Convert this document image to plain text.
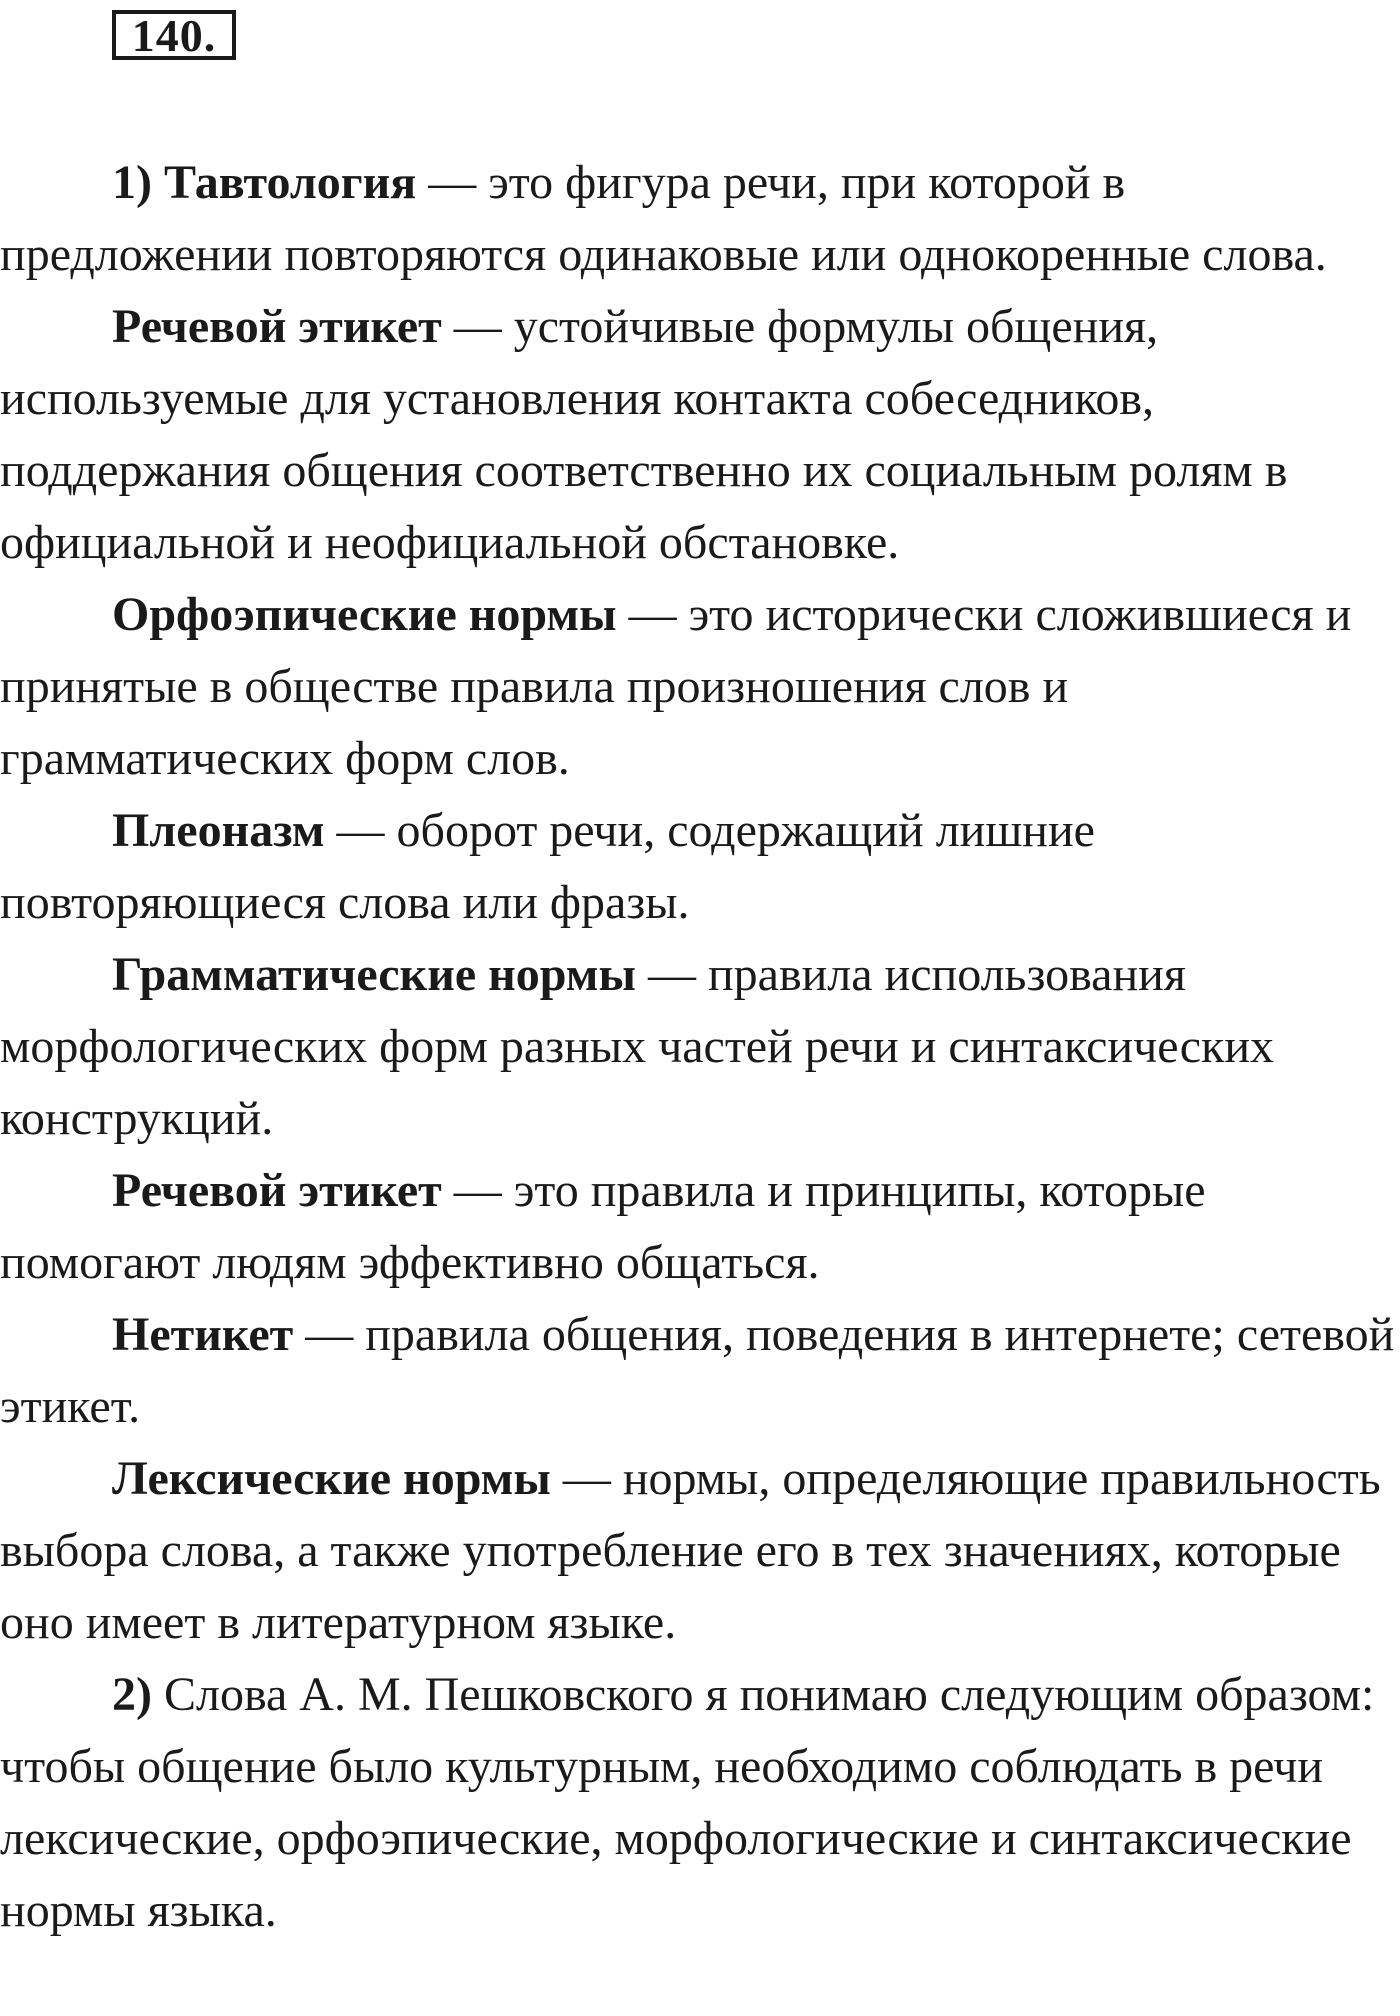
140.

1) Тавтология — это фигура речи, при которой в предложении повторяются одинаковые или однокоренные слова.

Речевой этикет — устойчивые формулы общения, используемые для установления контакта собеседников, поддержания общения соответственно их социальным ролям в официальной и неофициальной обстановке.

Орфоэпические нормы — это исторически сложившиеся и принятые в обществе правила произношения слов и грамматических форм слов.

Плеоназм — оборот речи, содержащий лишние повторяющиеся слова или фразы.

Грамматические нормы — правила использования морфологических форм разных частей речи и синтаксических конструкций.

Речевой этикет — это правила и принципы, которые помогают людям эффективно общаться.

Нетикет — правила общения, поведения в интернете; сетевой этикет.

Лексические нормы — нормы, определяющие правильность выбора слова, а также употребление его в тех значениях, которые оно имеет в литературном языке.

2) Слова А. М. Пешковского я понимаю следующим образом: чтобы общение было культурным, необходимо соблюдать в речи лексические, орфоэпические, морфологические и синтаксические нормы языка.
